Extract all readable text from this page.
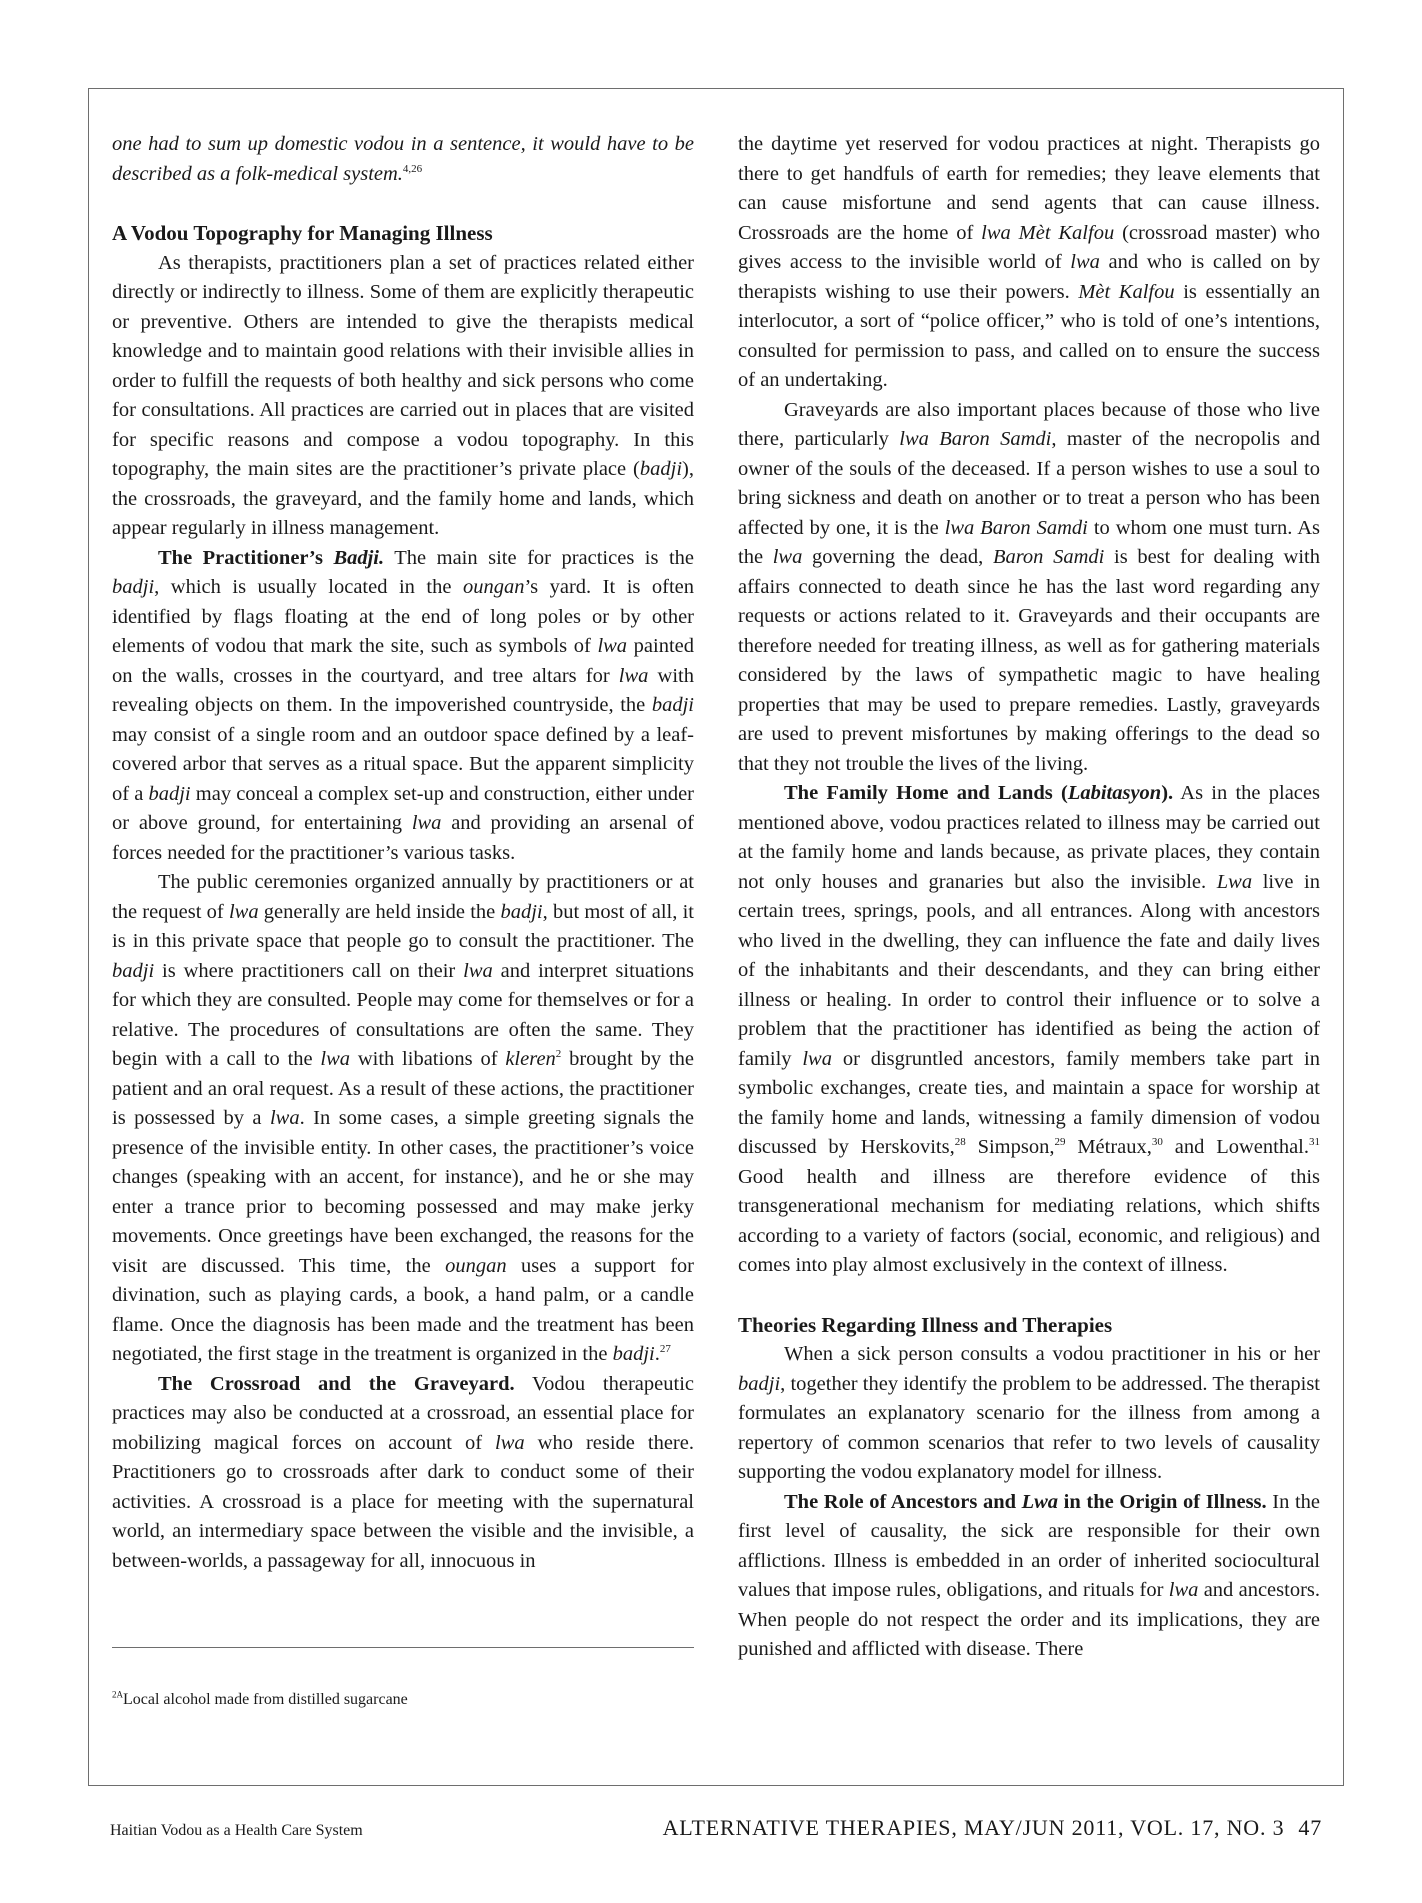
one had to sum up domestic vodou in a sentence, it would have to be described as a folk-medical system.$^{4,26}$

A Vodou Topography for Managing Illness

As therapists, practitioners plan a set of practices related either directly or indirectly to illness. Some of them are explicitly therapeutic or preventive. Others are intended to give the therapists medical knowledge and to maintain good relations with their invisible allies in order to fulfill the requests of both healthy and sick persons who come for consultations. All practices are carried out in places that are visited for specific reasons and compose a vodou topography. In this topography, the main sites are the practitioner’s private place (badji), the crossroads, the graveyard, and the family home and lands, which appear regularly in illness management.

The Practitioner’s Badji. The main site for practices is the badji, which is usually located in the oungan’s yard. It is often identified by flags floating at the end of long poles or by other elements of vodou that mark the site, such as symbols of lwa painted on the walls, crosses in the courtyard, and tree altars for lwa with revealing objects on them. In the impoverished countryside, the badji may consist of a single room and an outdoor space defined by a leaf-covered arbor that serves as a ritual space. But the apparent simplicity of a badji may conceal a complex set-up and construction, either under or above ground, for entertaining lwa and providing an arsenal of forces needed for the practitioner’s various tasks.

The public ceremonies organized annually by practitioners or at the request of lwa generally are held inside the badji, but most of all, it is in this private space that people go to consult the practitioner. The badji is where practitioners call on their lwa and interpret situations for which they are consulted. People may come for themselves or for a relative. The procedures of consultations are often the same. They begin with a call to the lwa with libations of kleren$^2$ brought by the patient and an oral request. As a result of these actions, the practitioner is possessed by a lwa. In some cases, a simple greeting signals the presence of the invisible entity. In other cases, the practitioner’s voice changes (speaking with an accent, for instance), and he or she may enter a trance prior to becoming possessed and may make jerky movements. Once greetings have been exchanged, the reasons for the visit are discussed. This time, the oungan uses a support for divination, such as playing cards, a book, a hand palm, or a candle flame. Once the diagnosis has been made and the treatment has been negotiated, the first stage in the treatment is organized in the badji.$^{27}$

The Crossroad and the Graveyard. Vodou therapeutic practices may also be conducted at a crossroad, an essential place for mobilizing magical forces on account of lwa who reside there. Practitioners go to crossroads after dark to conduct some of their activities. A crossroad is a place for meeting with the supernatural world, an intermediary space between the visible and the invisible, a between-worlds, a passageway for all, innocuous in

the daytime yet reserved for vodou practices at night. Therapists go there to get handfuls of earth for remedies; they leave elements that can cause misfortune and send agents that can cause illness. Crossroads are the home of lwa Mèt Kalfou (crossroad master) who gives access to the invisible world of lwa and who is called on by therapists wishing to use their powers. Mèt Kalfou is essentially an interlocutor, a sort of “police officer,” who is told of one’s intentions, consulted for permission to pass, and called on to ensure the success of an undertaking.

Graveyards are also important places because of those who live there, particularly lwa Baron Samdi, master of the necropolis and owner of the souls of the deceased. If a person wishes to use a soul to bring sickness and death on another or to treat a person who has been affected by one, it is the lwa Baron Samdi to whom one must turn. As the lwa governing the dead, Baron Samdi is best for dealing with affairs connected to death since he has the last word regarding any requests or actions related to it. Graveyards and their occupants are therefore needed for treating illness, as well as for gathering materials considered by the laws of sympathetic magic to have healing properties that may be used to prepare remedies. Lastly, graveyards are used to prevent misfortunes by making offerings to the dead so that they not trouble the lives of the living.

The Family Home and Lands (Labitasyon). As in the places mentioned above, vodou practices related to illness may be carried out at the family home and lands because, as private places, they contain not only houses and granaries but also the invisible. Lwa live in certain trees, springs, pools, and all entrances. Along with ancestors who lived in the dwelling, they can influence the fate and daily lives of the inhabitants and their descendants, and they can bring either illness or healing. In order to control their influence or to solve a problem that the practitioner has identified as being the action of family lwa or disgruntled ancestors, family members take part in symbolic exchanges, create ties, and maintain a space for worship at the family home and lands, witnessing a family dimension of vodou discussed by Herskovits,$^{28}$ Simpson,$^{29}$ Métraux,$^{30}$ and Lowenthal.$^{31}$ Good health and illness are therefore evidence of this transgenerational mechanism for mediating relations, which shifts according to a variety of factors (social, economic, and religious) and comes into play almost exclusively in the context of illness.

Theories Regarding Illness and Therapies

When a sick person consults a vodou practitioner in his or her badji, together they identify the problem to be addressed. The therapist formulates an explanatory scenario for the illness from among a repertory of common scenarios that refer to two levels of causality supporting the vodou explanatory model for illness.

The Role of Ancestors and Lwa in the Origin of Illness. In the first level of causality, the sick are responsible for their own afflictions. Illness is embedded in an order of inherited sociocultural values that impose rules, obligations, and rituals for lwa and ancestors. When people do not respect the order and its implications, they are punished and afflicted with disease. There

$^{2A}$Local alcohol made from distilled sugarcane
Haitian Vodou as a Health Care System	ALTERNATIVE THERAPIES, MAY/JUN 2011, VOL. 17, NO. 3 47
